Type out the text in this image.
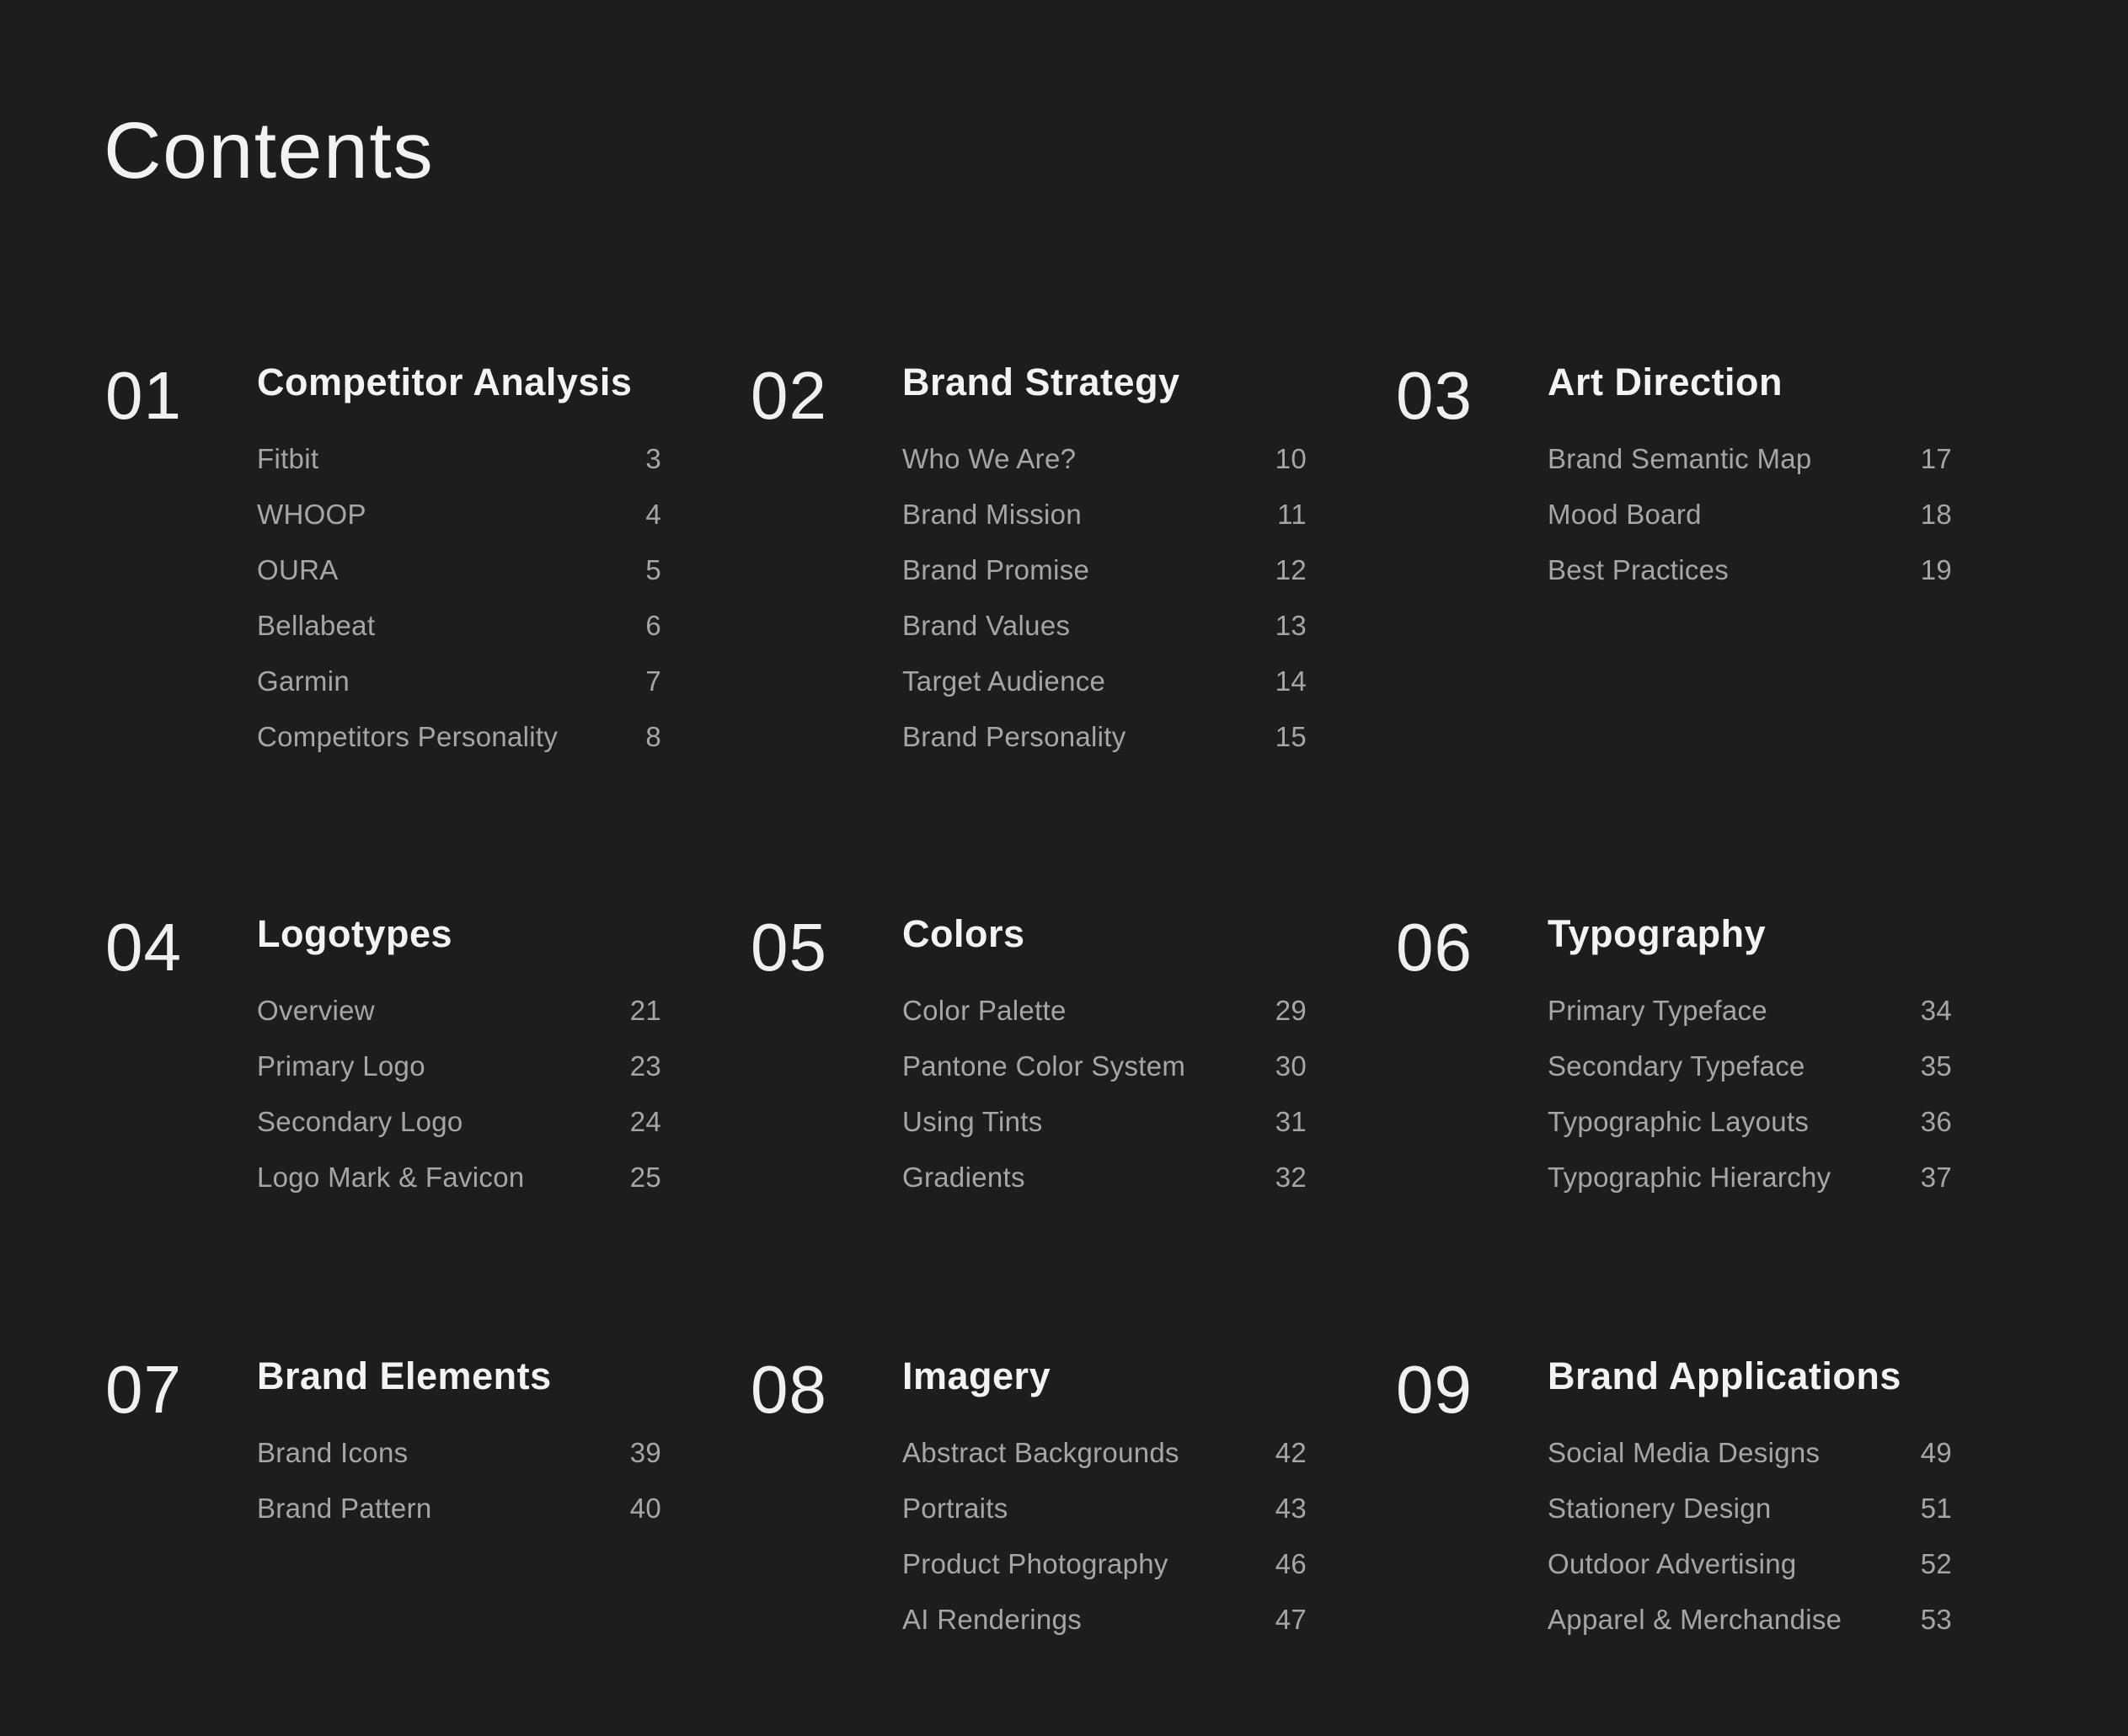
Contents
01	Competitor Analysis
Fitbit	3
WHOOP	4
OURA	5
Bellabeat	6
Garmin	7
Competitors Personality	8
02	Brand Strategy
Who We Are?	10
Brand Mission	11
Brand Promise	12
Brand Values	13
Target Audience	14
Brand Personality	15
03	Art Direction
Brand Semantic Map	17
Mood Board	18
Best Practices	19
04	Logotypes
Overview	21
Primary Logo	23
Secondary Logo	24
Logo Mark & Favicon	25
05	Colors
Color Palette	29
Pantone Color System	30
Using Tints	31
Gradients	32
06	Typography
Primary Typeface	34
Secondary Typeface	35
Typographic Layouts	36
Typographic Hierarchy	37
07	Brand Elements
Brand Icons	39
Brand Pattern	40
08	Imagery
Abstract Backgrounds	42
Portraits	43
Product Photography	46
AI Renderings	47
09	Brand Applications
Social Media Designs	49
Stationery Design	51
Outdoor Advertising	52
Apparel & Merchandise	53
